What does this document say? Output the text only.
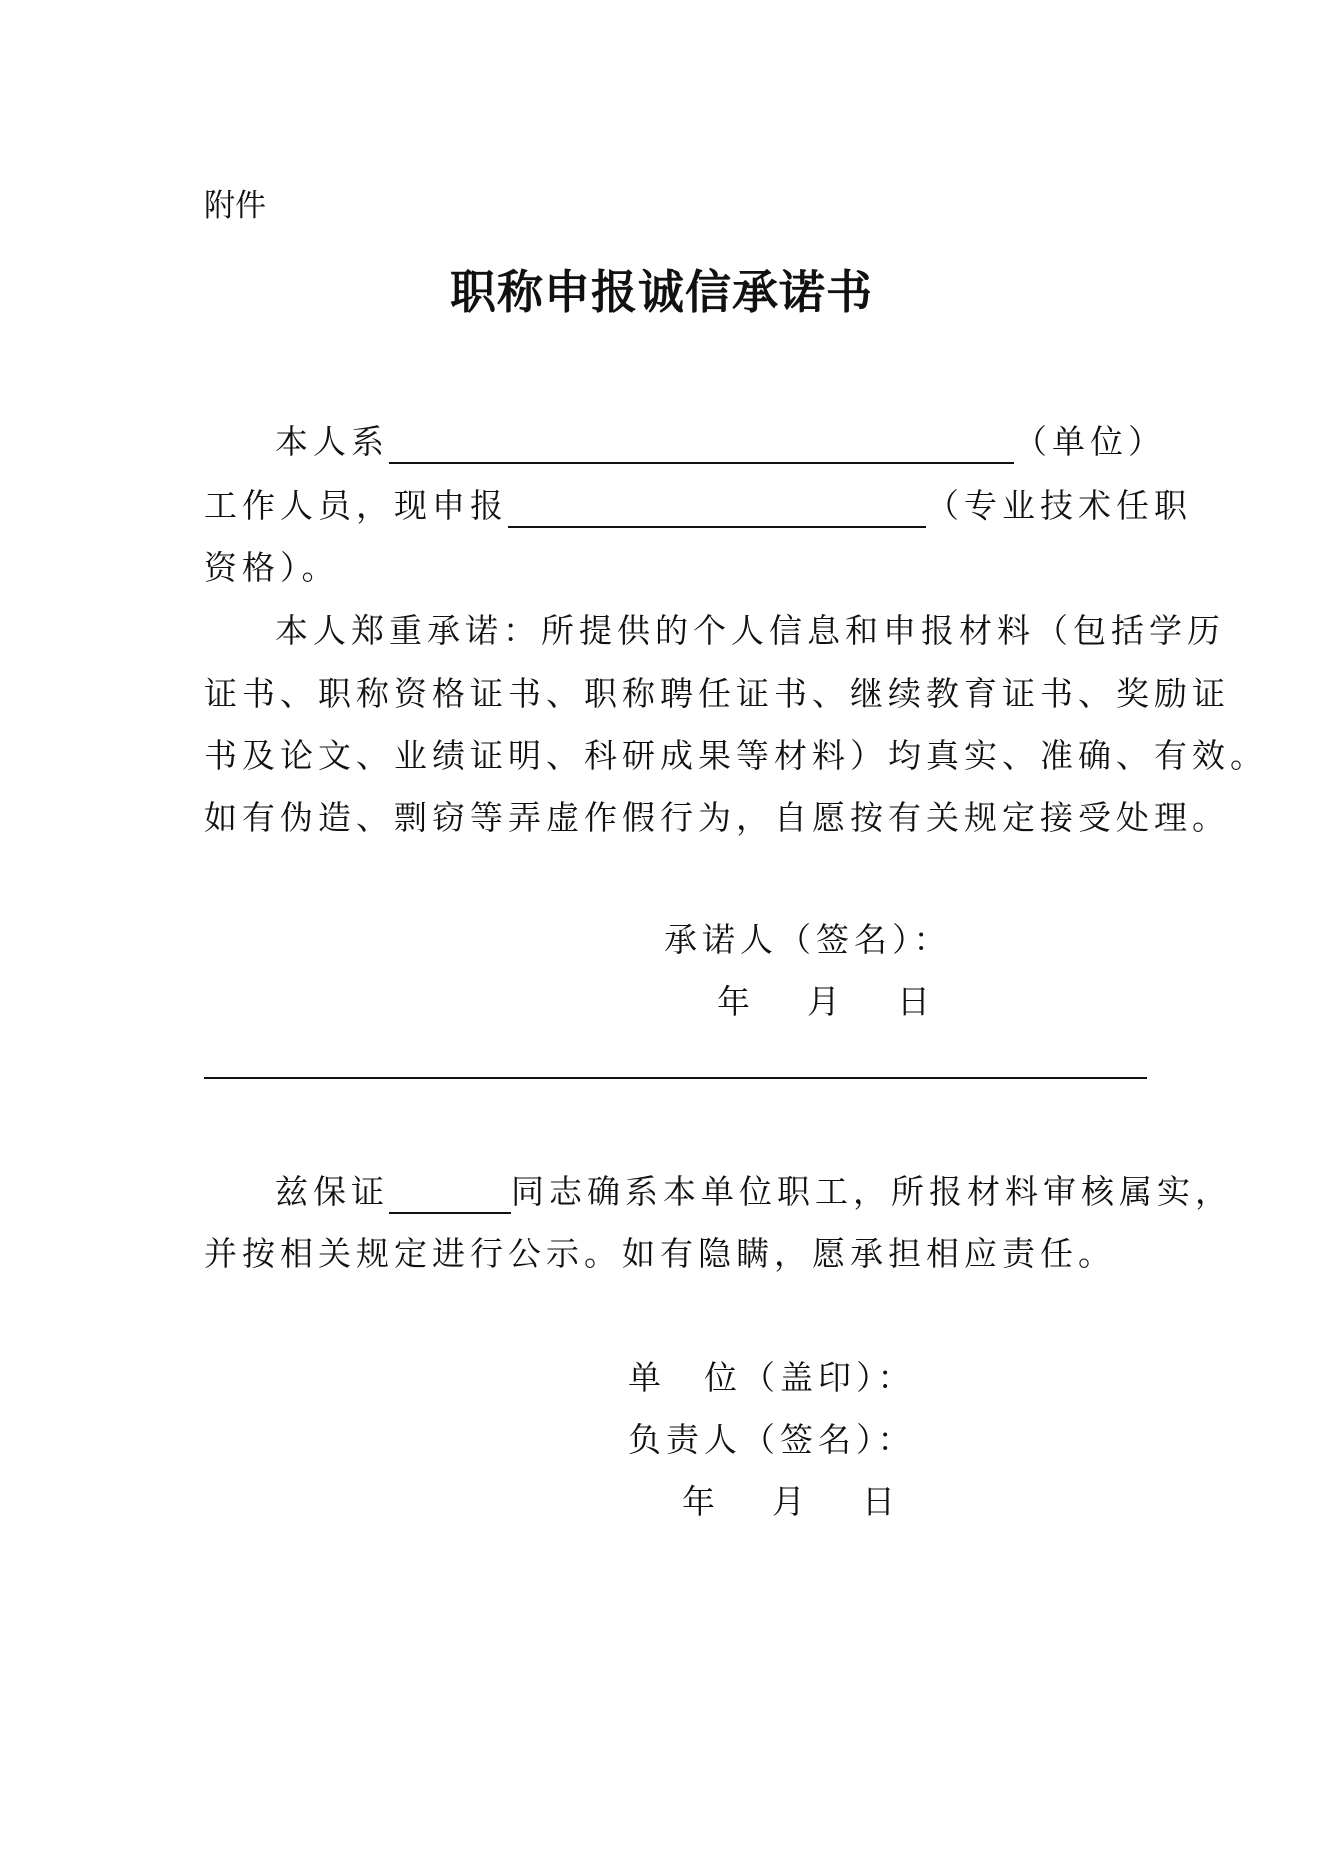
附件
职称申报诚信承诺书
本人系	（单位）
工作人员，现申报	（专业技术任职
资格）。
本人郑重承诺：所提供的个人信息和申报材料（包括学历
证书、职称资格证书、职称聘任证书、继续教育证书、奖励证
书及论文、业绩证明、科研成果等材料）均真实、准确、有效。
如有伪造、剽窃等弄虚作假行为，自愿按有关规定接受处理。
承诺人（签名）：
年 月 日
兹保证	同志确系本单位职工，所报材料审核属实，
并按相关规定进行公示。如有隐瞒，愿承担相应责任。
单　位（盖印）：
负责人（签名）：
年 月 日
